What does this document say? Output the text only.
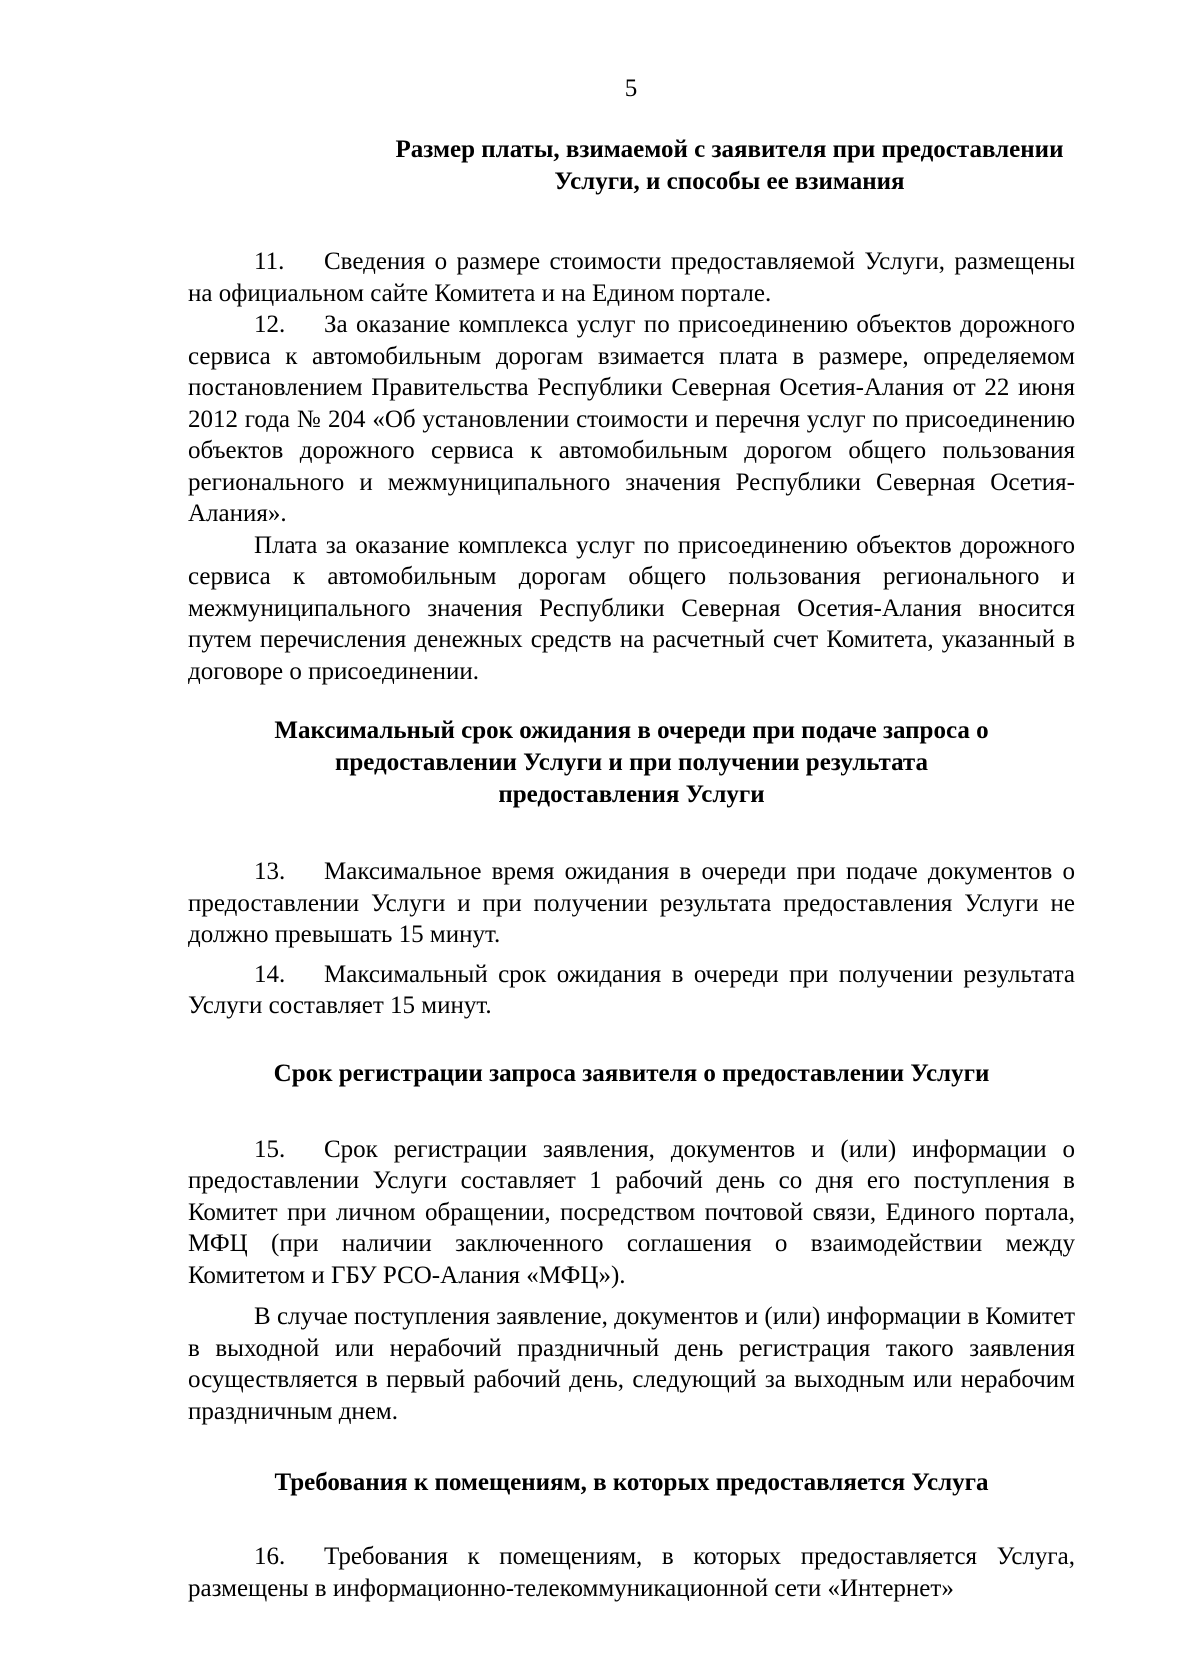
5
Размер платы, взимаемой с заявителя при предоставлении
Услуги, и способы ее взимания

11. Сведения о размере стоимости предоставляемой Услуги, размещены на официальном сайте Комитета и на Едином портале.

12. За оказание комплекса услуг по присоединению объектов дорожного сервиса к автомобильным дорогам взимается плата в размере, определяемом постановлением Правительства Республики Северная Осетия-Алания от 22 июня 2012 года № 204 «Об установлении стоимости и перечня услуг по присоединению объектов дорожного сервиса к автомобильным дорогом общего пользования регионального и межмуниципального значения Республики Северная Осетия-Алания».

Плата за оказание комплекса услуг по присоединению объектов дорожного сервиса к автомобильным дорогам общего пользования регионального и межмуниципального значения Республики Северная Осетия-Алания вносится путем перечисления денежных средств на расчетный счет Комитета, указанный в договоре о присоединении.

Максимальный срок ожидания в очереди при подаче запроса о
предоставлении Услуги и при получении результата
предоставления Услуги

13. Максимальное время ожидания в очереди при подаче документов о предоставлении Услуги и при получении результата предоставления Услуги не должно превышать 15 минут.

14. Максимальный срок ожидания в очереди при получении результата Услуги составляет 15 минут.

Срок регистрации запроса заявителя о предоставлении Услуги

15. Срок регистрации заявления, документов и (или) информации о предоставлении Услуги составляет 1 рабочий день со дня его поступления в Комитет при личном обращении, посредством почтовой связи, Единого портала, МФЦ (при наличии заключенного соглашения о взаимодействии между Комитетом и ГБУ РСО-Алания «МФЦ»).

В случае поступления заявление, документов и (или) информации в Комитет в выходной или нерабочий праздничный день регистрация такого заявления осуществляется в первый рабочий день, следующий за выходным или нерабочим праздничным днем.

Требования к помещениям, в которых предоставляется Услуга

16. Требования к помещениям, в которых предоставляется Услуга, размещены в информационно-телекоммуникационной сети «Интернет»
